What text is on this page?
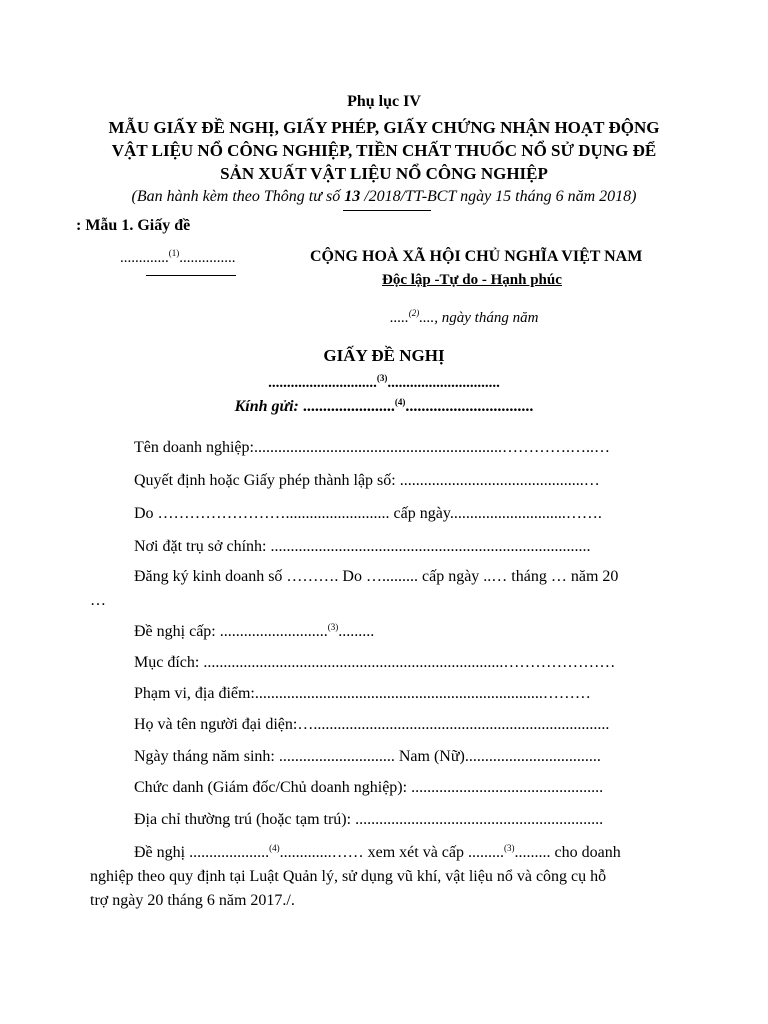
Phụ lục IV
MẪU GIẤY ĐỀ NGHỊ, GIẤY PHÉP, GIẤY CHỨNG NHẬN HOẠT ĐỘNG
VẬT LIỆU NỔ CÔNG NGHIỆP, TIỀN CHẤT THUỐC NỔ SỬ DỤNG ĐỂ
SẢN XUẤT VẬT LIỆU NỔ CÔNG NGHIỆP
(Ban hành kèm theo Thông tư số 13 /2018/TT-BCT ngày 15 tháng 6 năm 2018)
: Mẫu 1. Giấy đề
.............$^{(1)}$...............	CỘNG HOÀ XÃ HỘI CHỦ NGHĨA VIỆT NAM
Độc lập -Tự do - Hạnh phúc
.....$^{(2)}$...., ngày tháng năm
GIẤY ĐỀ NGHỊ
.............................$^{(3)}$..............................
Kính gửi: .......................$^{(4)}$................................
Tên doanh nghiệp:..............................................................………….…..…
Quyết định hoặc Giấy phép thành lập số: ..............................................…
Do …………………….......................... cấp ngày.............................…….
Nơi đặt trụ sở chính: ................................................................................
Đăng ký kinh doanh số ………. Do …......... cấp ngày ..… tháng … năm 20
…
Đề nghị cấp: ...........................$^{(3)}$.........
Mục đích: ...........................................................................…………………
Phạm vi, địa điểm:........................................................................………
Họ và tên người đại diện:…..........................................................................
Ngày tháng năm sinh: ............................. Nam (Nữ)..................................
Chức danh (Giám đốc/Chủ doanh nghiệp): ................................................
Địa chỉ thường trú (hoặc tạm trú): ..............................................................
Đề nghị ....................$^{(4)}$.............…… xem xét và cấp .........$^{(3)}$......... cho doanh
nghiệp theo quy định tại Luật Quản lý, sử dụng vũ khí, vật liệu nổ và công cụ hỗ
trợ ngày 20 tháng 6 năm 2017./.
